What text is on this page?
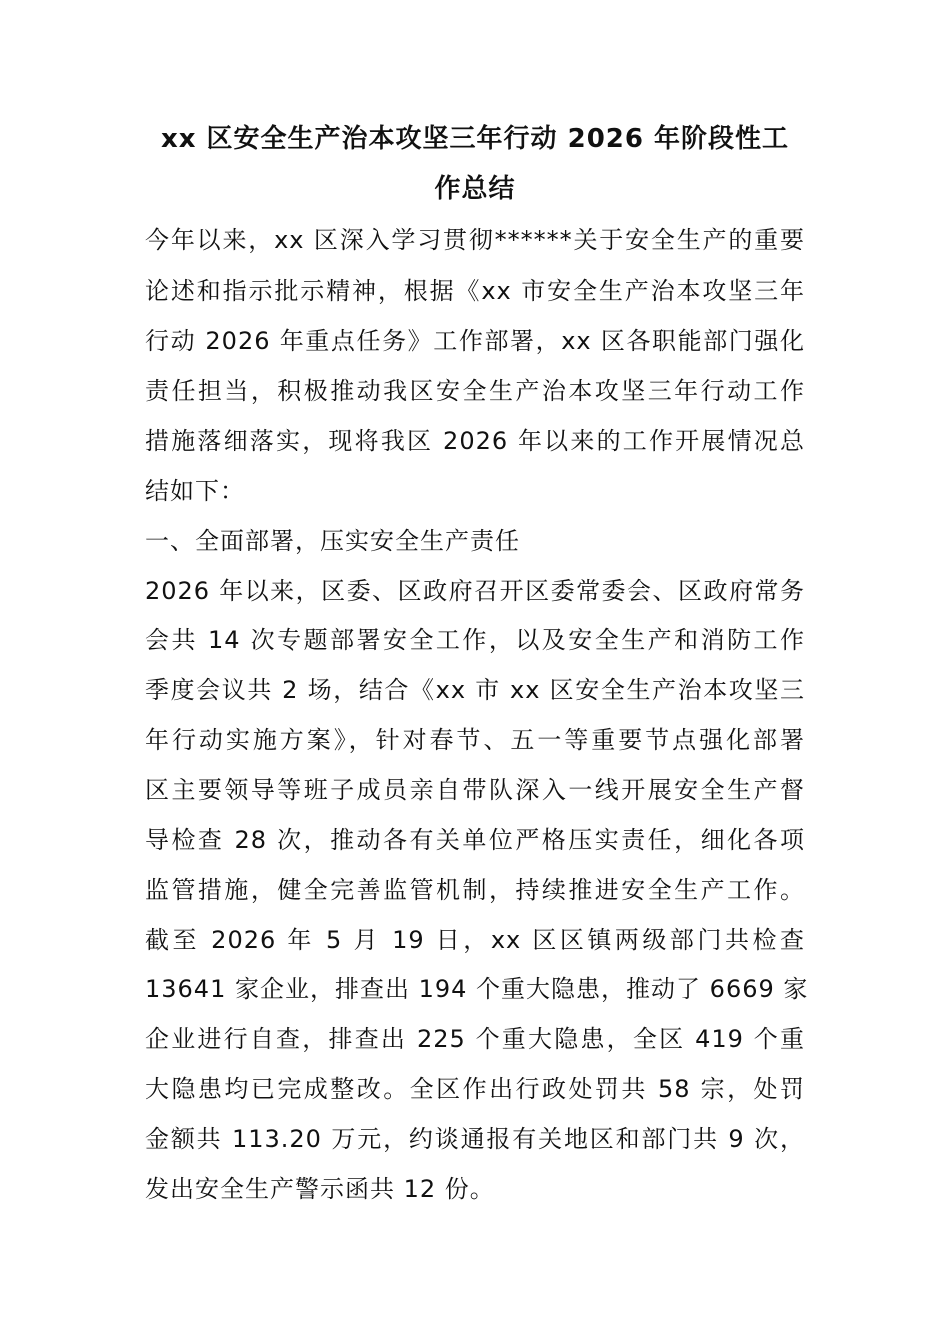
xx 区安全生产治本攻坚三年行动 2026 年阶段性工
作总结
今年以来，xx 区深入学习贯彻******关于安全生产的重要
论述和指示批示精神，根据《xx 市安全生产治本攻坚三年
行动 2026 年重点任务》工作部署，xx 区各职能部门强化
责任担当，积极推动我区安全生产治本攻坚三年行动工作
措施落细落实，现将我区 2026 年以来的工作开展情况总
结如下：
一、全面部署，压实安全生产责任
2026 年以来，区委、区政府召开区委常委会、区政府常务
会共 14 次专题部署安全工作，以及安全生产和消防工作
季度会议共 2 场，结合《xx 市 xx 区安全生产治本攻坚三
年行动实施方案》，针对春节、五一等重要节点强化部署
区主要领导等班子成员亲自带队深入一线开展安全生产督
导检查 28 次，推动各有关单位严格压实责任，细化各项
监管措施，健全完善监管机制，持续推进安全生产工作。
截至 2026 年 5 月 19 日，xx 区区镇两级部门共检查
13641 家企业，排查出 194 个重大隐患，推动了 6669 家
企业进行自查，排查出 225 个重大隐患，全区 419 个重
大隐患均已完成整改。全区作出行政处罚共 58 宗，处罚
金额共 113.20 万元，约谈通报有关地区和部门共 9 次，
发出安全生产警示函共 12 份。
